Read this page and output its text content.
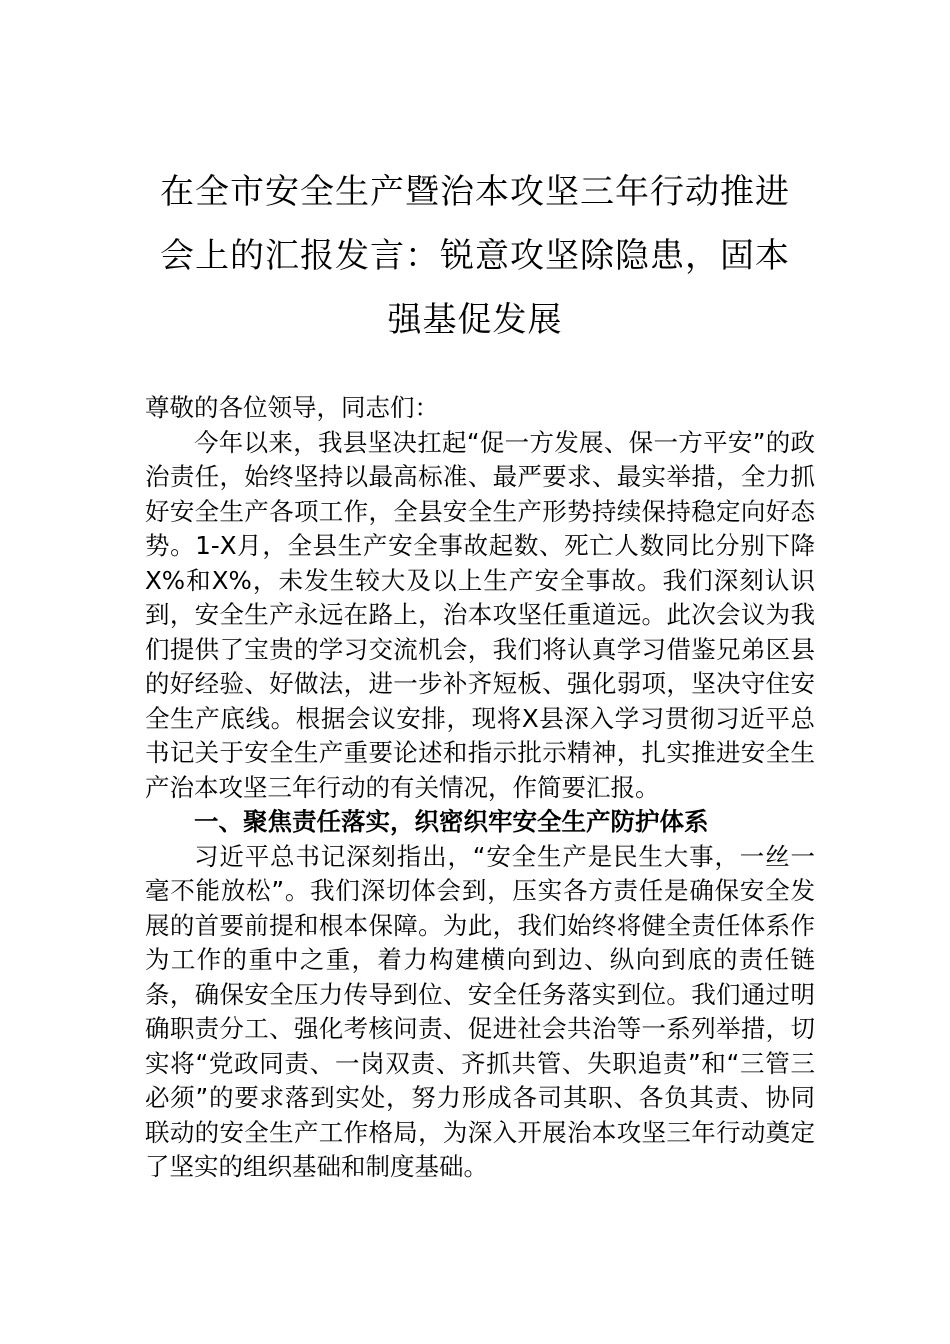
在全市安全生产暨治本攻坚三年行动推进
会上的汇报发言：锐意攻坚除隐患，固本
强基促发展

尊敬的各位领导，同志们：

今年以来，我县坚决扛起“促一方发展、保一方平安”的政治责任，始终坚持以最高标准、最严要求、最实举措，全力抓好安全生产各项工作，全县安全生产形势持续保持稳定向好态势。1-X月，全县生产安全事故起数、死亡人数同比分别下降X%和X%，未发生较大及以上生产安全事故。我们深刻认识到，安全生产永远在路上，治本攻坚任重道远。此次会议为我们提供了宝贵的学习交流机会，我们将认真学习借鉴兄弟区县的好经验、好做法，进一步补齐短板、强化弱项，坚决守住安全生产底线。根据会议安排，现将X县深入学习贯彻习近平总书记关于安全生产重要论述和指示批示精神，扎实推进安全生产治本攻坚三年行动的有关情况，作简要汇报。

一、聚焦责任落实，织密织牢安全生产防护体系

习近平总书记深刻指出，“安全生产是民生大事，一丝一毫不能放松”。我们深切体会到，压实各方责任是确保安全发展的首要前提和根本保障。为此，我们始终将健全责任体系作为工作的重中之重，着力构建横向到边、纵向到底的责任链条，确保安全压力传导到位、安全任务落实到位。我们通过明确职责分工、强化考核问责、促进社会共治等一系列举措，切实将“党政同责、一岗双责、齐抓共管、失职追责”和“三管三必须”的要求落到实处，努力形成各司其职、各负其责、协同联动的安全生产工作格局，为深入开展治本攻坚三年行动奠定了坚实的组织基础和制度基础。
